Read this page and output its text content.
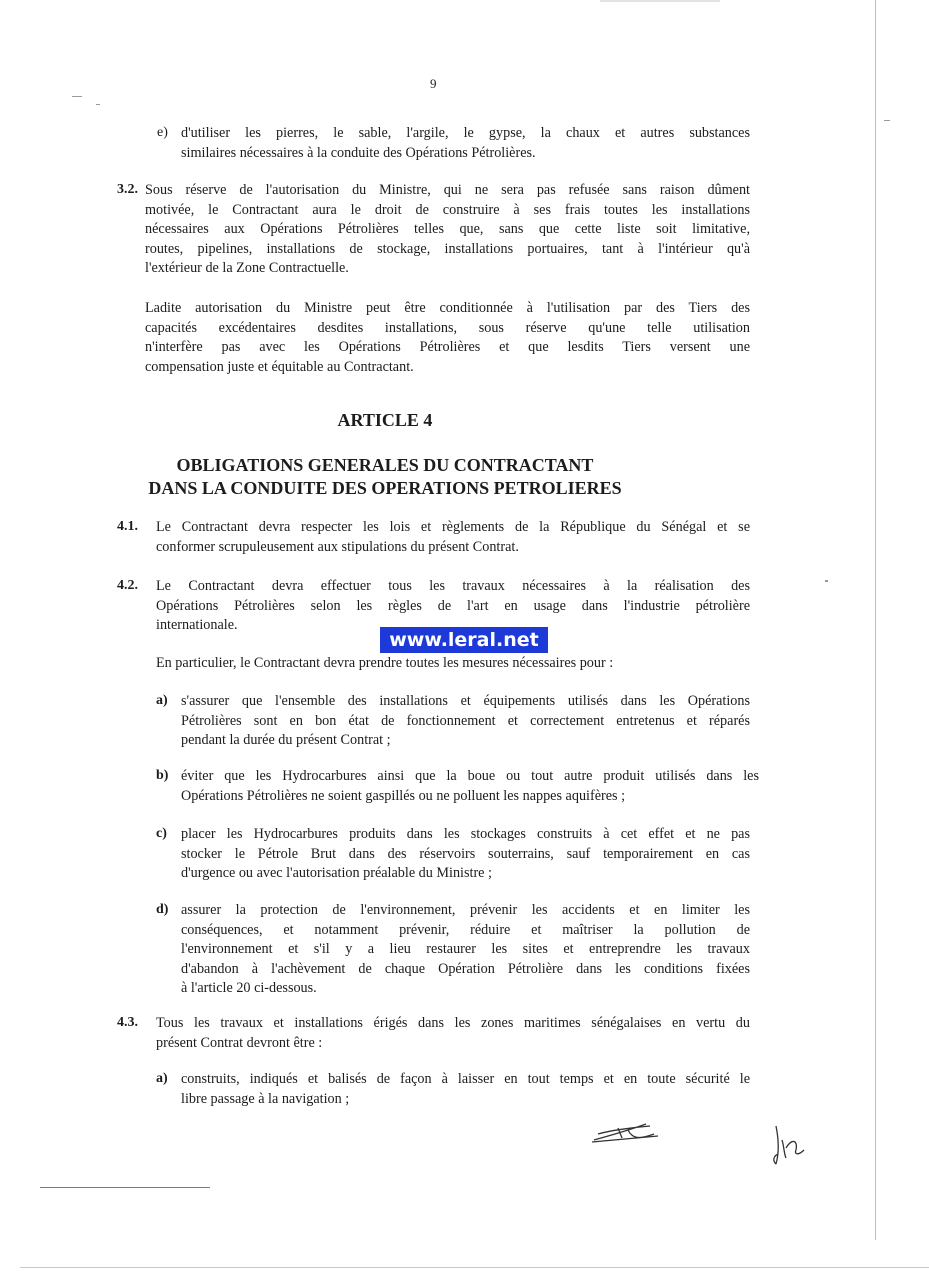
9
e) d'utiliser les pierres, le sable, l'argile, le gypse, la chaux et autres substances
similaires nécessaires à la conduite des Opérations Pétrolières.
3.2. Sous réserve de l'autorisation du Ministre, qui ne sera pas refusée sans raison dûment
motivée, le Contractant aura le droit de construire à ses frais toutes les installations
nécessaires aux Opérations Pétrolières telles que, sans que cette liste soit limitative,
routes, pipelines, installations de stockage, installations portuaires, tant à l'intérieur qu'à
l'extérieur de la Zone Contractuelle.
Ladite autorisation du Ministre peut être conditionnée à l'utilisation par des Tiers des
capacités excédentaires desdites installations, sous réserve qu'une telle utilisation
n'interfère pas avec les Opérations Pétrolières et que lesdits Tiers versent une
compensation juste et équitable au Contractant.
ARTICLE 4
OBLIGATIONS GENERALES DU CONTRACTANT
DANS LA CONDUITE DES OPERATIONS PETROLIERES
4.1. Le Contractant devra respecter les lois et règlements de la République du Sénégal et se
conformer scrupuleusement aux stipulations du présent Contrat.
4.2. Le Contractant devra effectuer tous les travaux nécessaires à la réalisation des
Opérations Pétrolières selon les règles de l'art en usage dans l'industrie pétrolière
internationale.
www.leral.net
En particulier, le Contractant devra prendre toutes les mesures nécessaires pour :
a) s'assurer que l'ensemble des installations et équipements utilisés dans les Opérations
Pétrolières sont en bon état de fonctionnement et correctement entretenus et réparés
pendant la durée du présent Contrat ;
b) éviter que les Hydrocarbures ainsi que la boue ou tout autre produit utilisés dans les
Opérations Pétrolières ne soient gaspillés ou ne polluent les nappes aquifères ;
c) placer les Hydrocarbures produits dans les stockages construits à cet effet et ne pas
stocker le Pétrole Brut dans des réservoirs souterrains, sauf temporairement en cas
d'urgence ou avec l'autorisation préalable du Ministre ;
d) assurer la protection de l'environnement, prévenir les accidents et en limiter les
conséquences, et notamment prévenir, réduire et maîtriser la pollution de
l'environnement et s'il y a lieu restaurer les sites et entreprendre les travaux
d'abandon à l'achèvement de chaque Opération Pétrolière dans les conditions fixées
à l'article 20 ci-dessous.
4.3. Tous les travaux et installations érigés dans les zones maritimes sénégalaises en vertu du
présent Contrat devront être :
a) construits, indiqués et balisés de façon à laisser en tout temps et en toute sécurité le
libre passage à la navigation ;
